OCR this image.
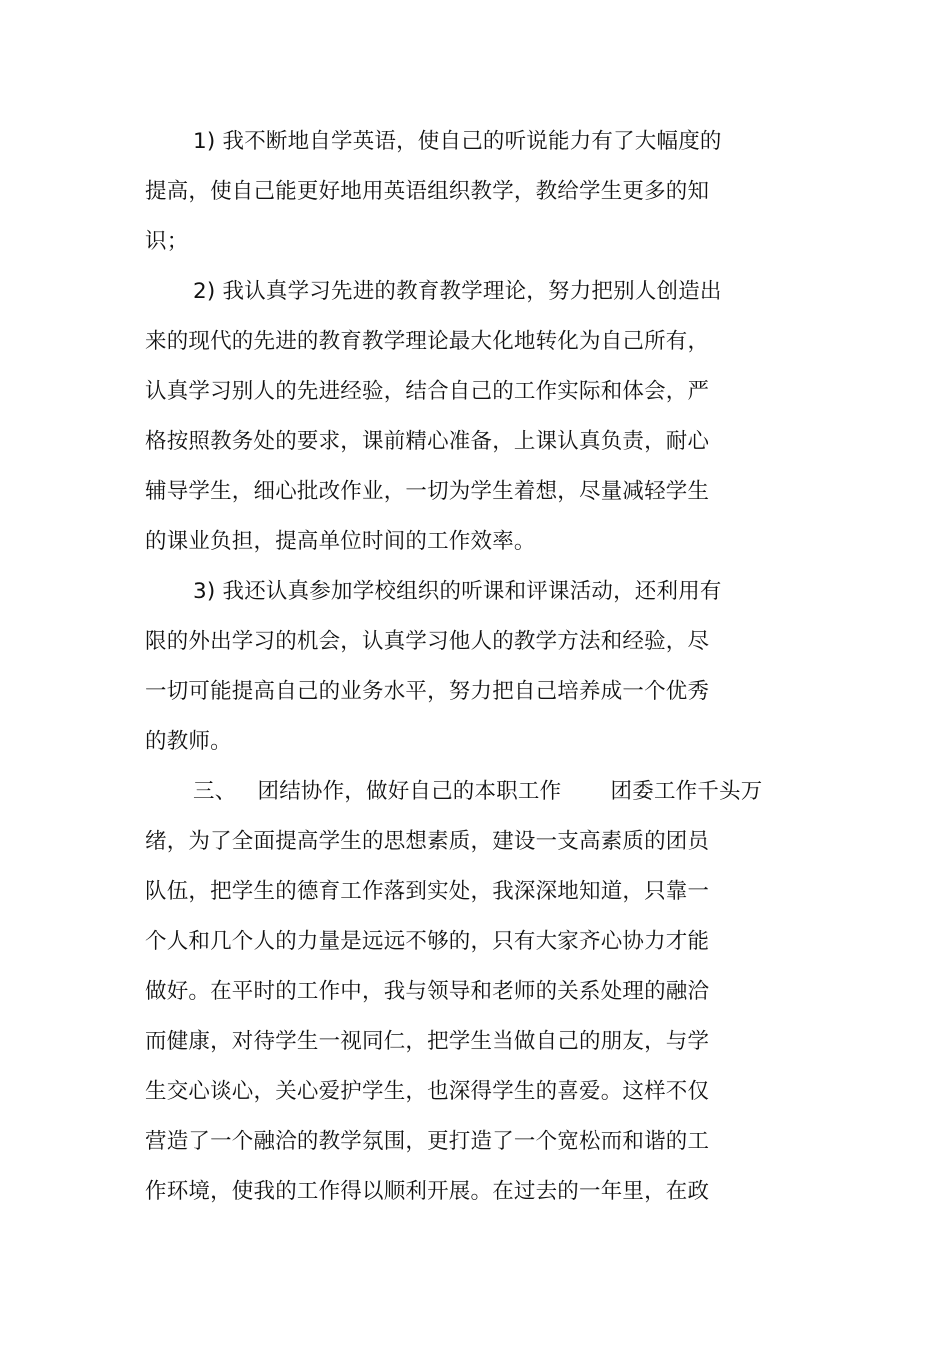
1) 我不断地自学英语，使自己的听说能力有了大幅度的

提高，使自己能更好地用英语组织教学，教给学生更多的知

识；

2) 我认真学习先进的教育教学理论，努力把别人创造出

来的现代的先进的教育教学理论最大化地转化为自己所有，

认真学习别人的先进经验，结合自己的工作实际和体会，严

格按照教务处的要求，课前精心准备，上课认真负责，耐心

辅导学生，细心批改作业，一切为学生着想，尽量减轻学生

的课业负担，提高单位时间的工作效率。

3) 我还认真参加学校组织的听课和评课活动，还利用有

限的外出学习的机会，认真学习他人的教学方法和经验，尽

一切可能提高自己的业务水平，努力把自己培养成一个优秀

的教师。

三、   团结协作，做好自己的本职工作       团委工作千头万

绪，为了全面提高学生的思想素质，建设一支高素质的团员

队伍，把学生的德育工作落到实处，我深深地知道，只靠一

个人和几个人的力量是远远不够的，只有大家齐心协力才能

做好。在平时的工作中，我与领导和老师的关系处理的融洽

而健康，对待学生一视同仁，把学生当做自己的朋友，与学

生交心谈心，关心爱护学生，也深得学生的喜爱。这样不仅

营造了一个融洽的教学氛围，更打造了一个宽松而和谐的工

作环境，使我的工作得以顺利开展。在过去的一年里，在政
